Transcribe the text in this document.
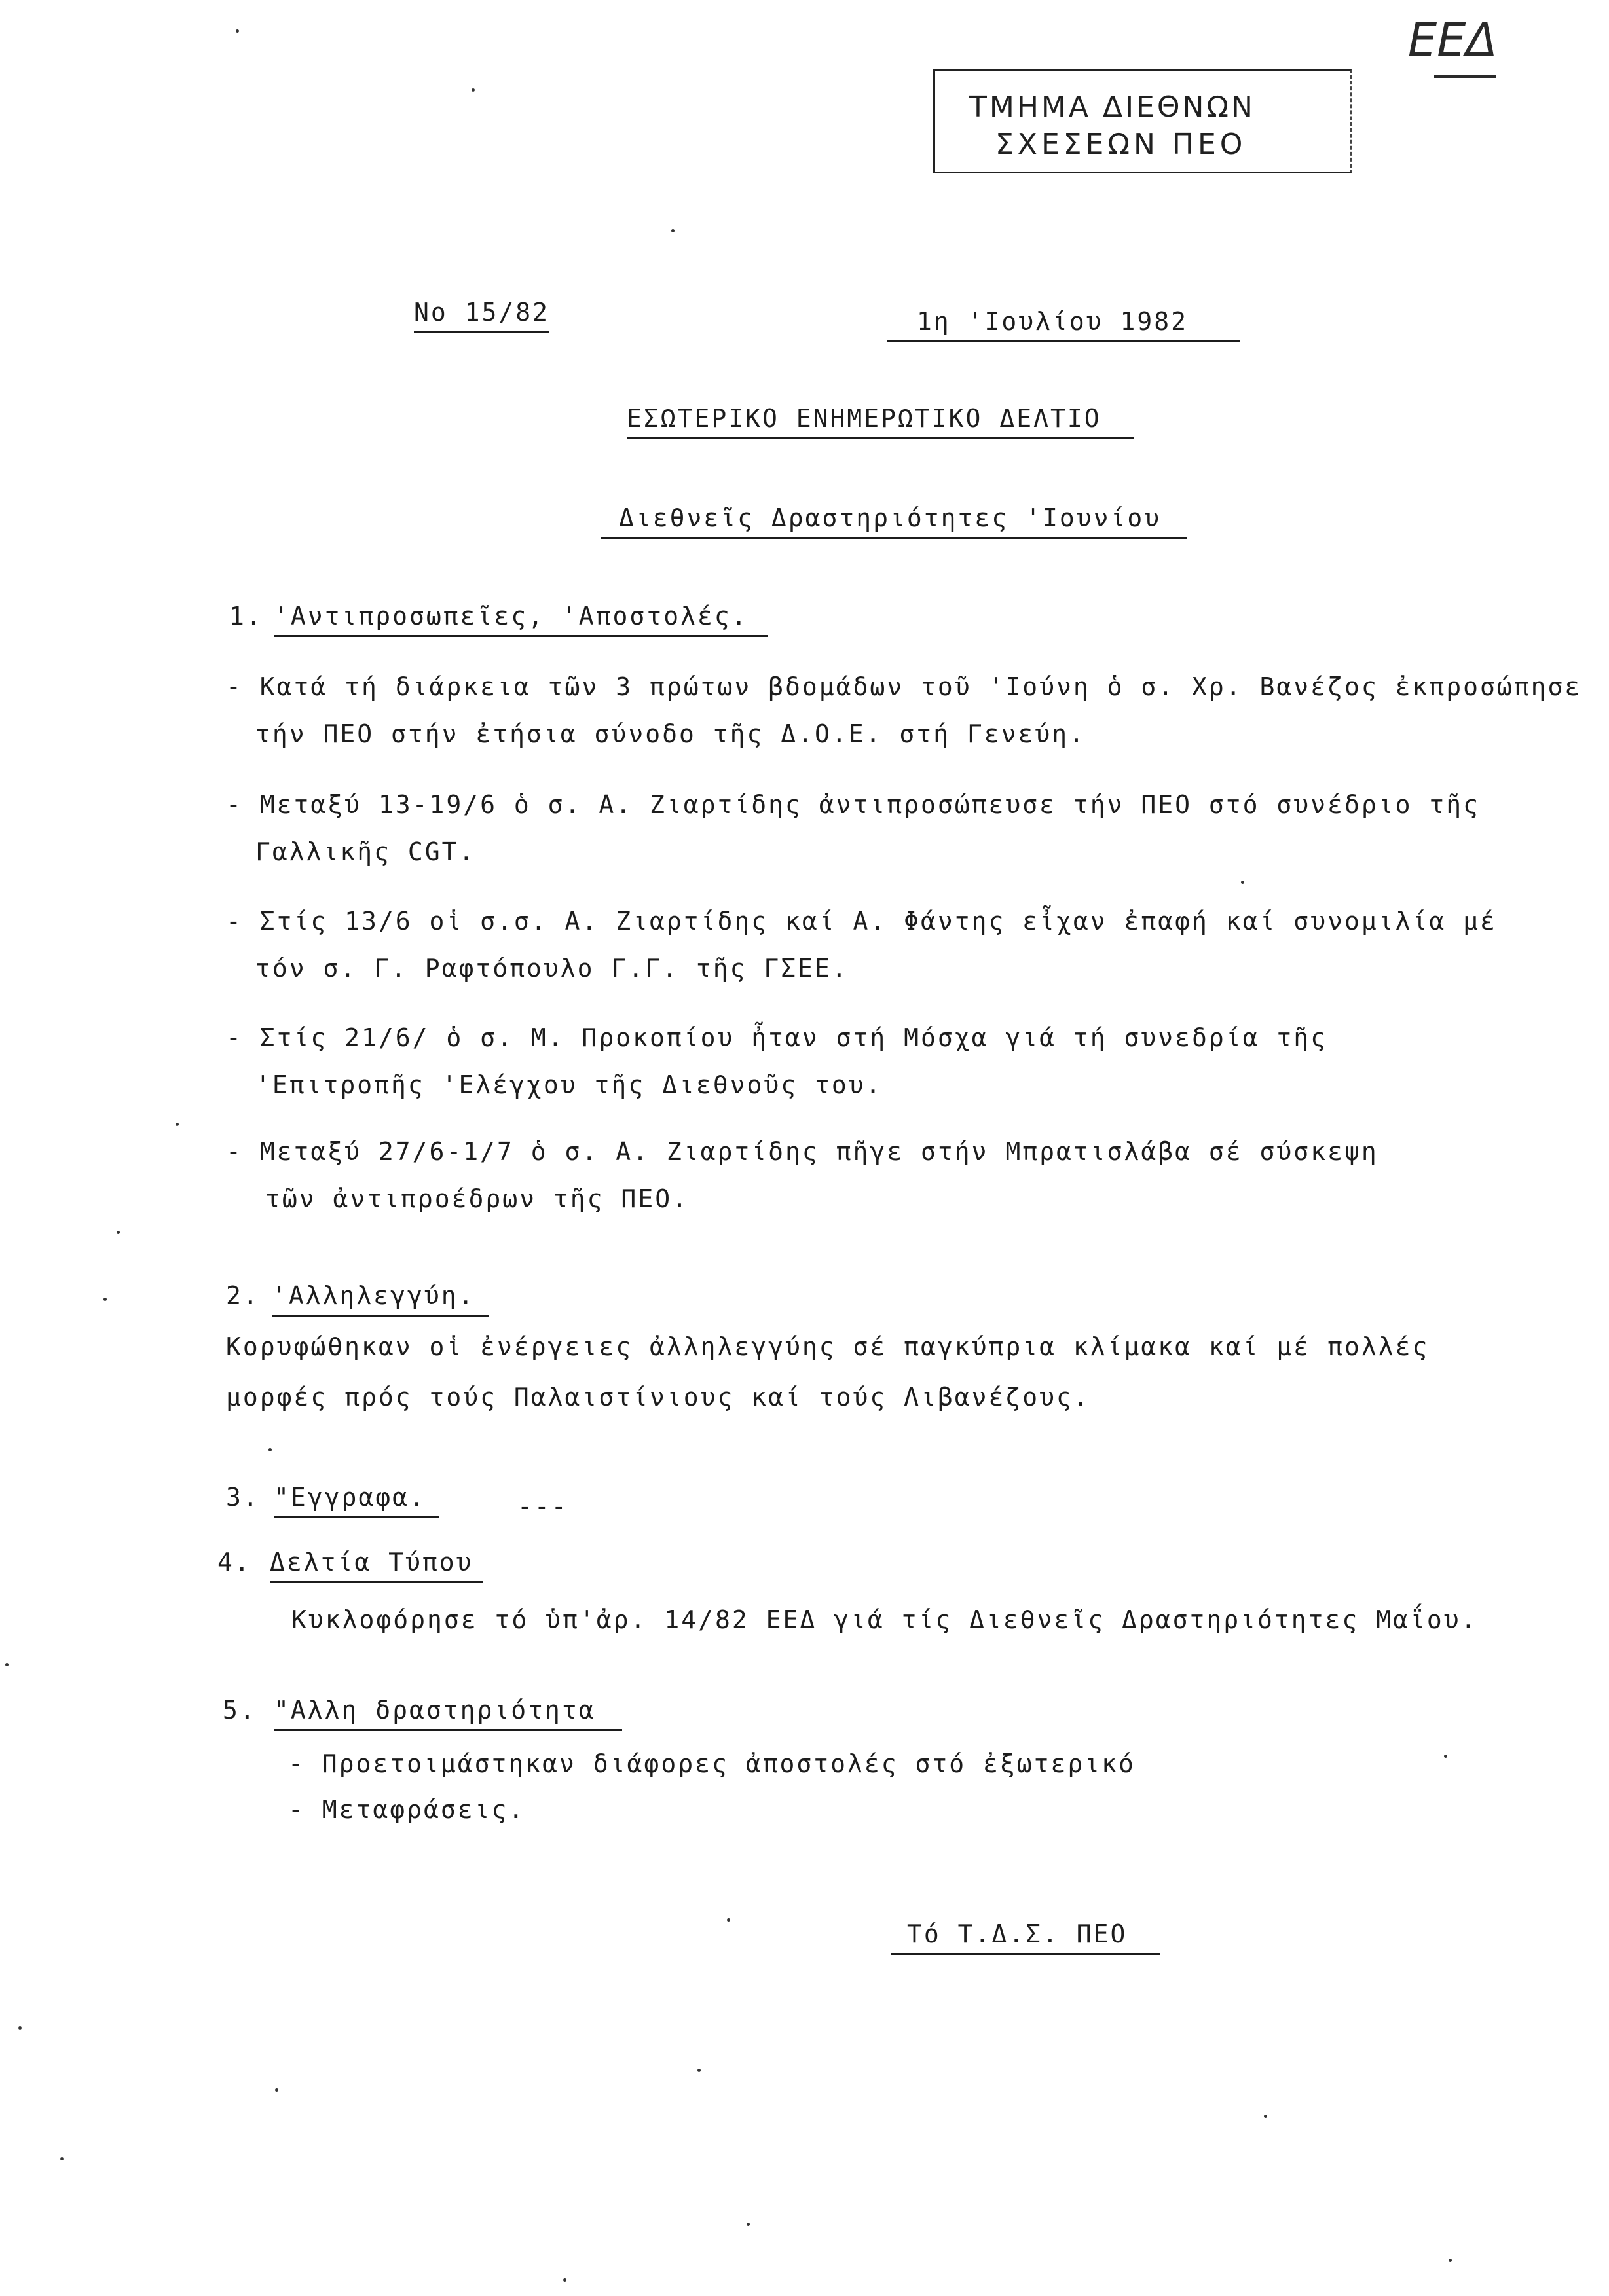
ΕΕΔ
ΤΜΗΜΑ ΔΙΕΘΝΩΝ
ΣΧΕΣΕΩΝ ΠΕΟ
Νο 15/82	1η 'Ιουλίου 1982
ΕΣΩΤΕΡΙΚΟ ΕΝΗΜΕΡΩΤΙΚΟ ΔΕΛΤΙΟ
Διεθνεῖς Δραστηριότητες 'Ιουνίου
1. 'Αντιπροσωπεῖες, 'Αποστολές.
- Κατά τή διάρκεια τῶν 3 πρώτων βδομάδων τοῦ 'Ιούνη ὁ σ. Χρ. Βανέζος ἐκπροσώπησε
τήν ΠΕΟ στήν ἐτήσια σύνοδο τῆς Δ.Ο.Ε. στή Γενεύη.
- Μεταξύ 13-19/6 ὁ σ. Α. Ζιαρτίδης ἀντιπροσώπευσε τήν ΠΕΟ στό συνέδριο τῆς
Γαλλικῆς CGT.
- Στίς 13/6 οἱ σ.σ. Α. Ζιαρτίδης καί Α. Φάντης εἶχαν ἐπαφή καί συνομιλία μέ
τόν σ. Γ. Ραφτόπουλο Γ.Γ. τῆς ΓΣΕΕ.
- Στίς 21/6/ ὁ σ. Μ. Προκοπίου ἦταν στή Μόσχα γιά τή συνεδρία τῆς
'Επιτροπῆς 'Ελέγχου τῆς Διεθνοῦς του.
- Μεταξύ 27/6-1/7 ὁ σ. Α. Ζιαρτίδης πῆγε στήν Μπρατισλάβα σέ σύσκεψη
τῶν ἀντιπροέδρων τῆς ΠΕΟ.
2. 'Αλληλεγγύη.
Κορυφώθηκαν οἱ ἐνέργειες ἀλληλεγγύης σέ παγκύπρια κλίμακα καί μέ πολλές
μορφές πρός τούς Παλαιστίνιους καί τούς Λιβανέζους.
3. "Εγγραφα.	---
4. Δελτία Τύπου
Κυκλοφόρησε τό ὑπ'ἀρ. 14/82 ΕΕΔ γιά τίς Διεθνεῖς Δραστηριότητες Μαΐου.
5. "Αλλη δραστηριότητα
- Προετοιμάστηκαν διάφορες ἀποστολές στό ἐξωτερικό
- Μεταφράσεις.
Τό Τ.Δ.Σ. ΠΕΟ
